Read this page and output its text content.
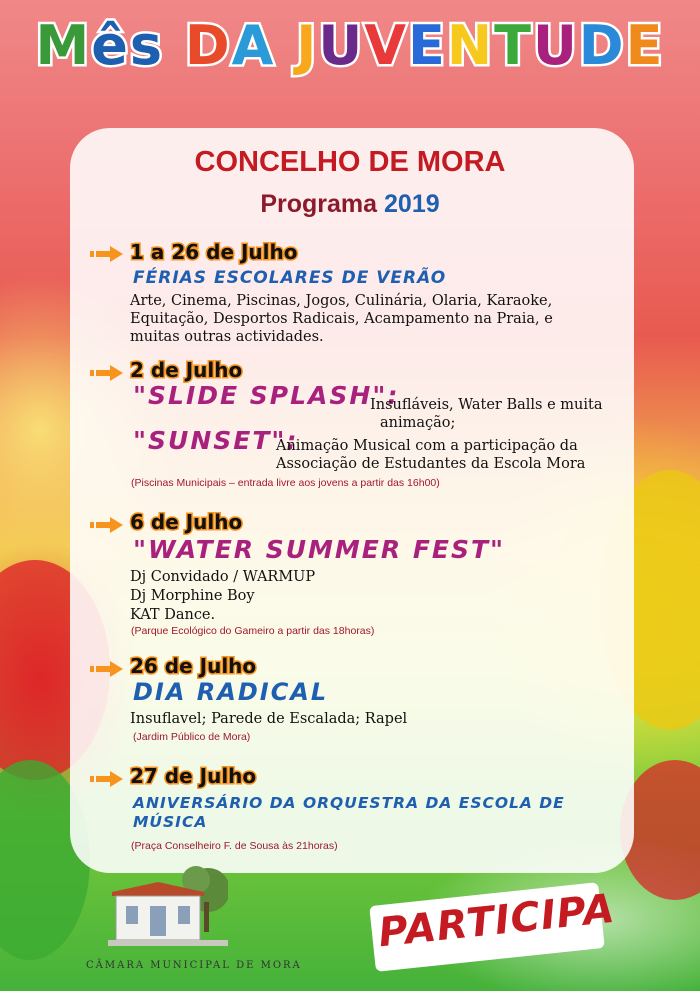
Mês DA JUVENTUDE
CONCELHO DE MORA
Programa 2019
1 a 26 de Julho
FÉRIAS ESCOLARES DE VERÃO
Arte, Cinema, Piscinas, Jogos, Culinária, Olaria, Karaoke,
Equitação, Desportos Radicais, Acampamento na Praia, e
muitas outras actividades.
2 de Julho
"SLIDE SPLASH":
Insufláveis, Water Balls e muita
animação;
"SUNSET":
Animação Musical com a participação da
Associação de Estudantes da Escola Mora
(Piscinas Municipais – entrada livre aos jovens a partir das 16h00)
6 de Julho
"WATER SUMMER FEST"
Dj Convidado / WARMUP
Dj Morphine Boy
KAT Dance.
(Parque Ecológico do Gameiro a partir das 18horas)
26 de Julho
DIA RADICAL
Insuflavel; Parede de Escalada; Rapel
(Jardim Público de Mora)
27 de Julho
ANIVERSÁRIO DA ORQUESTRA DA ESCOLA DE
MÚSICA
(Praça Conselheiro F. de Sousa às 21horas)
CÂMARA MUNICIPAL DE MORA
PARTICIPA
